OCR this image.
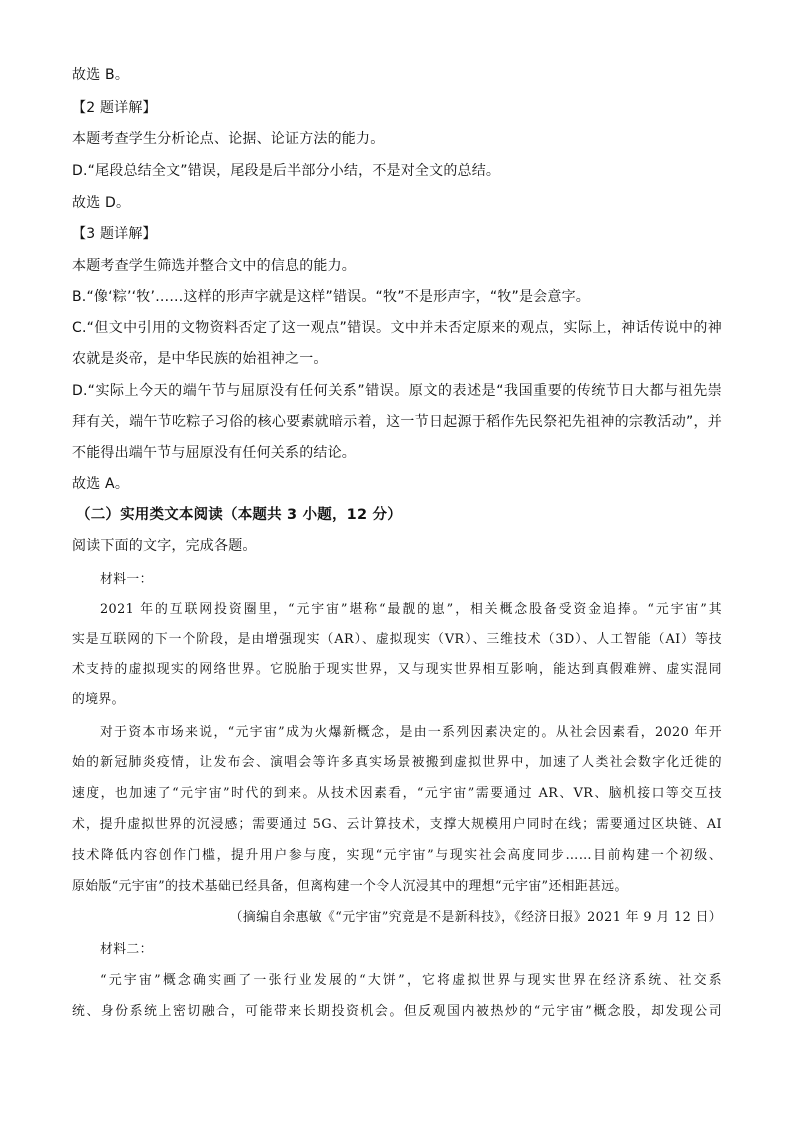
故选 B。
【2 题详解】
本题考查学生分析论点、论据、论证方法的能力。
D.“尾段总结全文”错误，尾段是后半部分小结，不是对全文的总结。
故选 D。
【3 题详解】
本题考查学生筛选并整合文中的信息的能力。
B.“像‘粽’‘牧’……这样的形声字就是这样”错误。“牧”不是形声字，“牧”是会意字。
C.“但文中引用的文物资料否定了这一观点”错误。文中并未否定原来的观点，实际上，神话传说中的神
农就是炎帝，是中华民族的始祖神之一。
D.“实际上今天的端午节与屈原没有任何关系”错误。原文的表述是“我国重要的传统节日大都与祖先崇
拜有关，端午节吃粽子习俗的核心要素就暗示着，这一节日起源于稻作先民祭祀先祖神的宗教活动”，并
不能得出端午节与屈原没有任何关系的结论。
故选 A。
（二）实用类文本阅读（本题共 3 小题，12 分）
阅读下面的文字，完成各题。
材料一：
2021 年的互联网投资圈里，“元宇宙”堪称“最靓的崽”，相关概念股备受资金追捧。“元宇宙”其
实是互联网的下一个阶段，是由增强现实（AR）、虚拟现实（VR）、三维技术（3D）、人工智能（AI）等技
术支持的虚拟现实的网络世界。它脱胎于现实世界，又与现实世界相互影响，能达到真假难辨、虚实混同
的境界。
对于资本市场来说，“元宇宙”成为火爆新概念，是由一系列因素决定的。从社会因素看，2020 年开
始的新冠肺炎疫情，让发布会、演唱会等许多真实场景被搬到虚拟世界中，加速了人类社会数字化迁徙的
速度，也加速了“元宇宙”时代的到来。从技术因素看，“元宇宙”需要通过 AR、VR、脑机接口等交互技
术，提升虚拟世界的沉浸感；需要通过 5G、云计算技术，支撑大规模用户同时在线；需要通过区块链、AI
技术降低内容创作门槛，提升用户参与度，实现“元宇宙”与现实社会高度同步……目前构建一个初级、
原始版“元宇宙”的技术基础已经具备，但离构建一个令人沉浸其中的理想“元宇宙”还相距甚远。
（摘编自余惠敏《“元宇宙”究竟是不是新科技》，《经济日报》2021 年 9 月 12 日）
材料二：
“元宇宙”概念确实画了一张行业发展的“大饼”，它将虚拟世界与现实世界在经济系统、社交系
统、身份系统上密切融合，可能带来长期投资机会。但反观国内被热炒的“元宇宙”概念股，却发现公司
